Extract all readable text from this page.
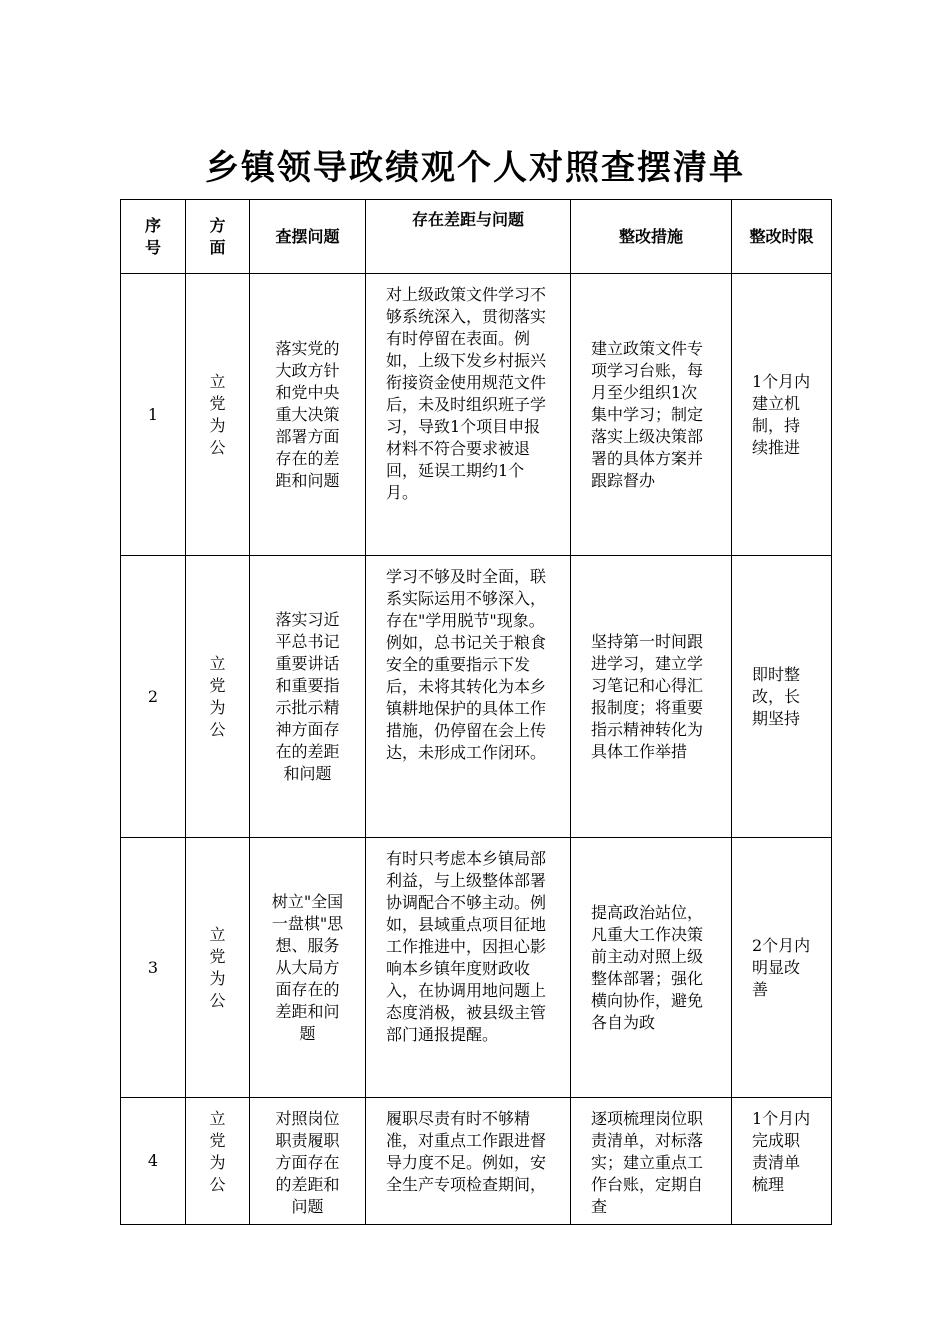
乡镇领导政绩观个人对照查摆清单
序号	方面	查摆问题	存在差距与问题	整改措施	整改时限

1	立党为公	落实党的大政方针和党中央重大决策部署方面存在的差距和问题	对上级政策文件学习不够系统深入，贯彻落实有时停留在表面。例如，上级下发乡村振兴衔接资金使用规范文件后，未及时组织班子学习，导致1个项目申报材料不符合要求被退回，延误工期约1个月。	建立政策文件专项学习台账，每月至少组织1次集中学习；制定落实上级决策部署的具体方案并跟踪督办	1个月内建立机制，持续推进

2	立党为公	落实习近平总书记重要讲话和重要指示批示精神方面存在的差距和问题	学习不够及时全面，联系实际运用不够深入，存在"学用脱节"现象。例如，总书记关于粮食安全的重要指示下发后，未将其转化为本乡镇耕地保护的具体工作措施，仍停留在会上传达，未形成工作闭环。	坚持第一时间跟进学习，建立学习笔记和心得汇报制度；将重要指示精神转化为具体工作举措	即时整改，长期坚持

3	立党为公	树立"全国一盘棋"思想、服务从大局方面存在的差距和问题	有时只考虑本乡镇局部利益，与上级整体部署协调配合不够主动。例如，县域重点项目征地工作推进中，因担心影响本乡镇年度财政收入，在协调用地问题上态度消极，被县级主管部门通报提醒。	提高政治站位，凡重大工作决策前主动对照上级整体部署；强化横向协作，避免各自为政	2个月内明显改善

4	立党为公	对照岗位职责履职方面存在的差距和问题	履职尽责有时不够精准，对重点工作跟进督导力度不足。例如，安全生产专项检查期间，	逐项梳理岗位职责清单，对标落实；建立重点工作台账，定期自查	1个月内完成职责清单梳理
